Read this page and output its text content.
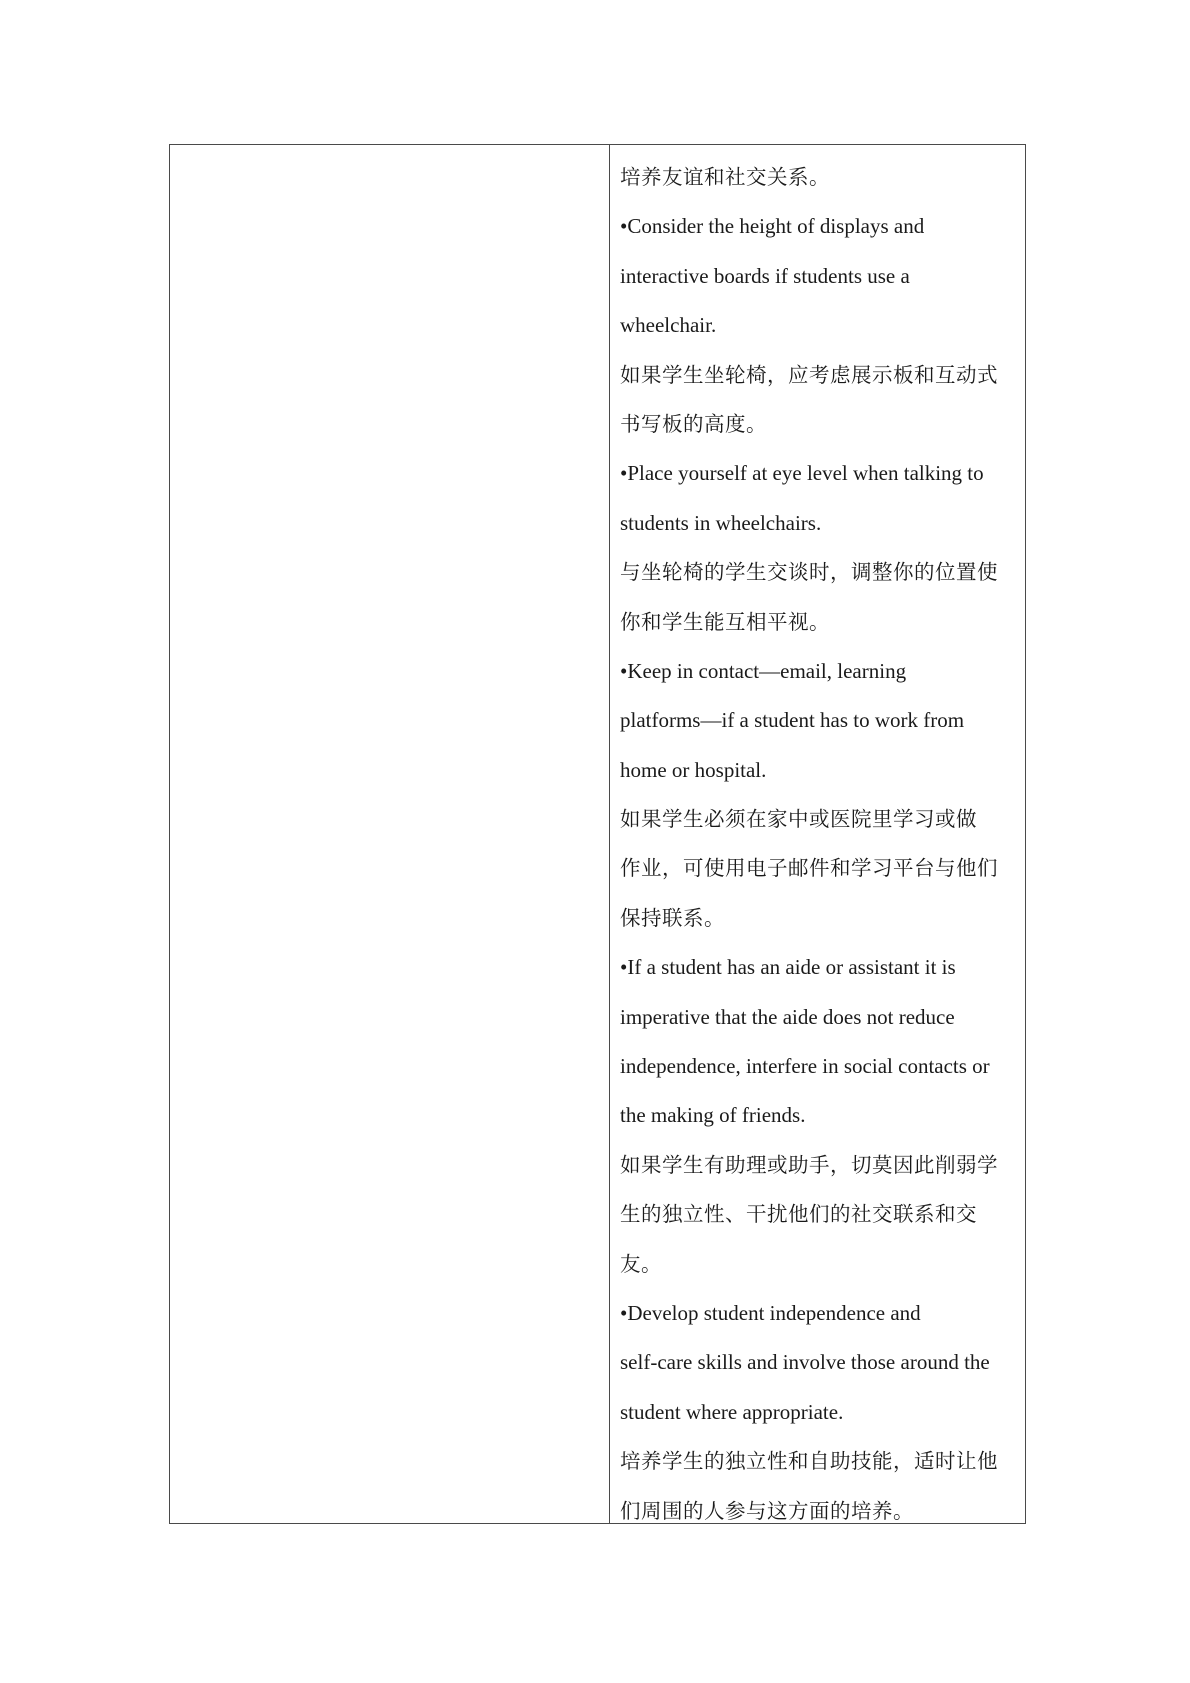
培养友谊和社交关系。
•Consider the height of displays and
interactive boards if students use a
wheelchair.
如果学生坐轮椅，应考虑展示板和互动式
书写板的高度。
•Place yourself at eye level when talking to
students in wheelchairs.
与坐轮椅的学生交谈时，调整你的位置使
你和学生能互相平视。
•Keep in contact—email, learning
platforms—if a student has to work from
home or hospital.
如果学生必须在家中或医院里学习或做
作业，可使用电子邮件和学习平台与他们
保持联系。
•If a student has an aide or assistant it is
imperative that the aide does not reduce
independence, interfere in social contacts or
the making of friends.
如果学生有助理或助手，切莫因此削弱学
生的独立性、干扰他们的社交联系和交
友。
•Develop student independence and
self-care skills and involve those around the
student where appropriate.
培养学生的独立性和自助技能，适时让他
们周围的人参与这方面的培养。
